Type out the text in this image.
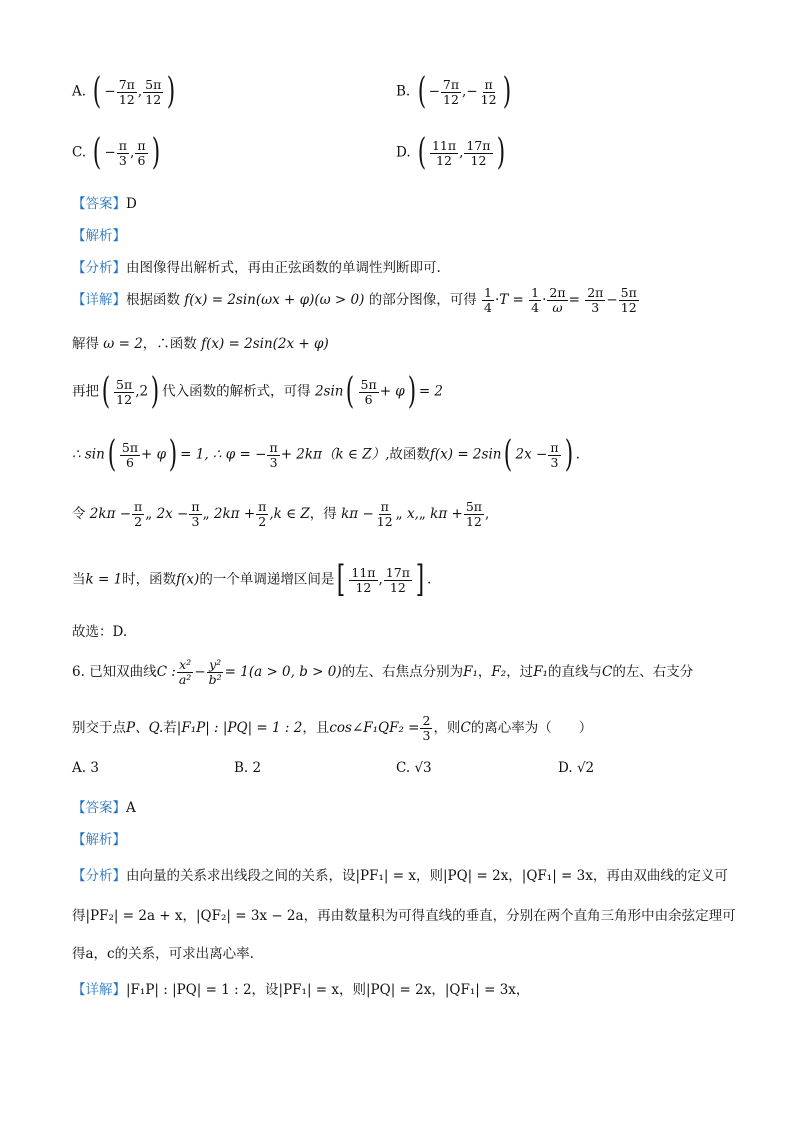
A. ( − $\frac{7\pi}{12}$ , $\frac{5\pi}{12}$ )	B. ( − $\frac{7\pi}{12}$ ,− $\frac{\pi}{12}$ )
C. ( − $\frac{\pi}{3}$ , $\frac{\pi}{6}$ )	D. ( $\frac{11\pi}{12}$ , $\frac{17\pi}{12}$ )
【答案】D
【解析】
【分析】由图像得出解析式，再由正弦函数的单调性判断即可.
【详解】根据函数 f(x) = 2sin(ωx + φ)(ω > 0) 的部分图像，可得 $\frac{1}{4} \cdot T = \frac{1}{4} \cdot \frac{2\pi}{\omega} = \frac{2\pi}{3} - \frac{5\pi}{12}$
解得 ω = 2，∴函数 f(x) = 2sin(2x + φ)
再把( $\frac{5\pi}{12} ,2$) 代入函数的解析式，可得 $2\sin( \frac{5\pi}{6} + \varphi) = 2$
∴ $\sin( \frac{5\pi}{6} + \varphi) = 1$, ∴ φ = − $\frac{\pi}{3} + 2k\pi(k$ ∈ Z）,故函数f(x) = 2sin( $2x - \frac{\pi}{3}$ ) .
令 $2k\pi - \frac{\pi}{2}$ „ $2x - \frac{\pi}{3}$ „ $2k\pi + \frac{\pi}{2} ,k$ ∈ Z，得 $k\pi - \frac{\pi}{12}$ „ x,„ $k\pi + \frac{5\pi}{12}$ ,
当k = 1时，函数f(x)的一个单调递增区间是[ $\frac{11\pi}{12}$ , $\frac{17\pi}{12}$ ] .
故选：D.
6. 已知双曲线C : $\frac{\text{x²}}{\text{a²}} - \frac{\text{y²}}{\text{b²}} = 1(a > 0$, b > 0)的左、右焦点分别为F₁，F₂，过F₁的直线与C的左、右支分
别交于点P、Q.若|F₁P| : |PQ| = 1 : 2，且cos∠F₁QF₂ = $\frac{2}{3}$ ，则C的离心率为（　　）
A. 3	B. 2	C. √3	D. √2
【答案】A
【解析】
【分析】由向量的关系求出线段之间的关系，设|PF₁| = x，则|PQ| = 2x，|QF₁| = 3x，再由双曲线的定义可
得|PF₂| = 2a + x，|QF₂| = 3x − 2a，再由数量积为可得直线的垂直，分别在两个直角三角形中由余弦定理可
得a，c的关系，可求出离心率.
【详解】|F₁P| : |PQ| = 1 : 2，设|PF₁| = x，则|PQ| = 2x，|QF₁| = 3x，
